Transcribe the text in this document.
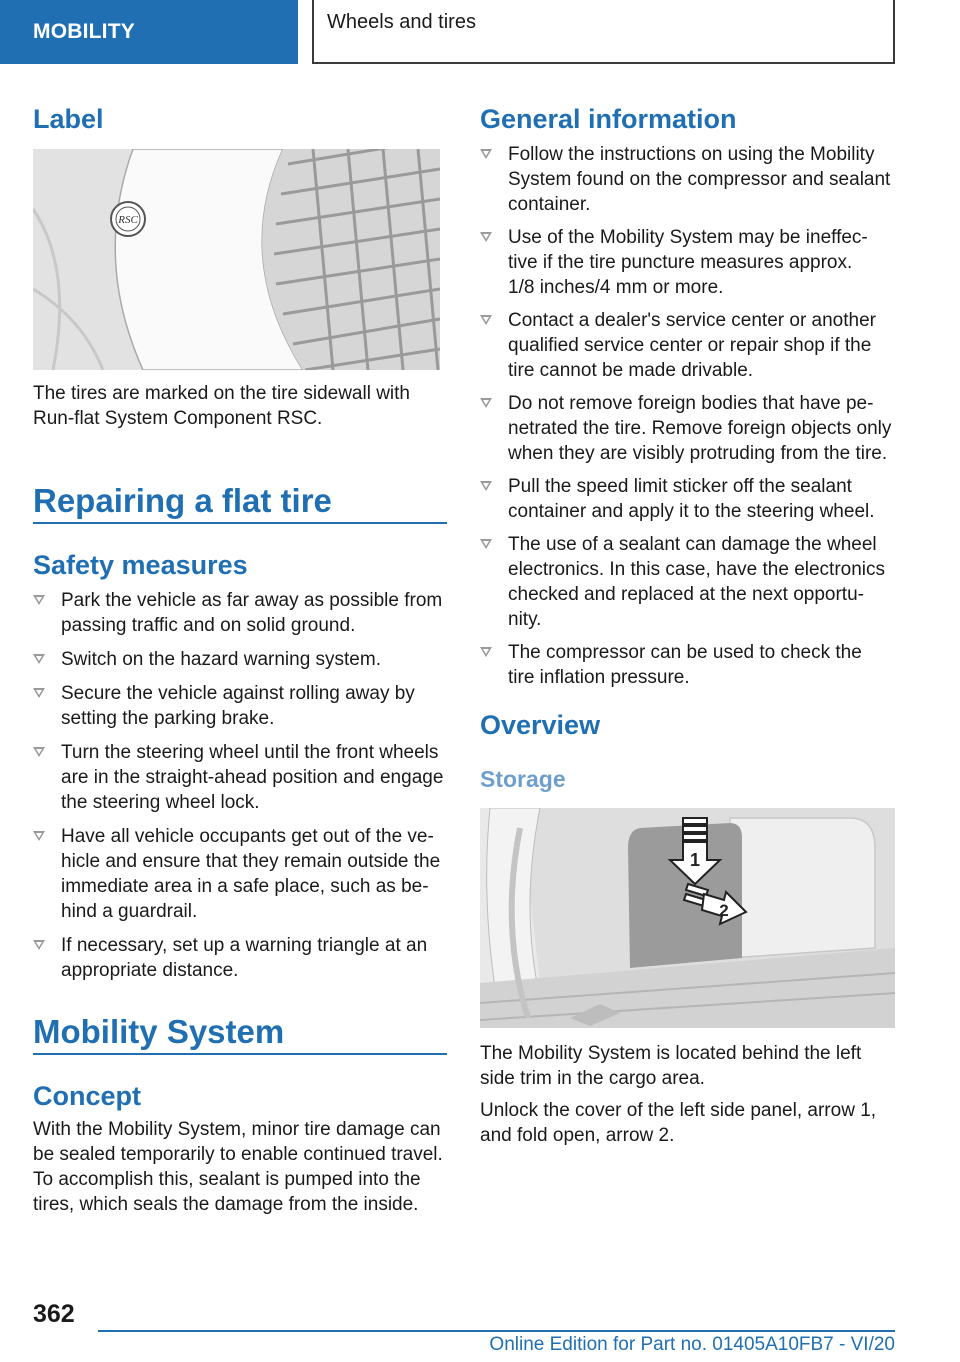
MOBILITY	Wheels and tires
Label
RSC
The tires are marked on the tire sidewall with
Run-flat System Component RSC.
Repairing a flat tire
Safety measures
Park the vehicle as far away as possible from
passing traffic and on solid ground.
Switch on the hazard warning system.
Secure the vehicle against rolling away by
setting the parking brake.
Turn the steering wheel until the front wheels
are in the straight-ahead position and engage
the steering wheel lock.
Have all vehicle occupants get out of the ve‐
hicle and ensure that they remain outside the
immediate area in a safe place, such as be‐
hind a guardrail.
If necessary, set up a warning triangle at an
appropriate distance.
Mobility System
Concept
With the Mobility System, minor tire damage can
be sealed temporarily to enable continued travel.
To accomplish this, sealant is pumped into the
tires, which seals the damage from the inside.
General information
Follow the instructions on using the Mobility
System found on the compressor and sealant
container.
Use of the Mobility System may be ineffec‐
tive if the tire puncture measures approx.
1/8 inches/4 mm or more.
Contact a dealer's service center or another
qualified service center or repair shop if the
tire cannot be made drivable.
Do not remove foreign bodies that have pe‐
netrated the tire. Remove foreign objects only
when they are visibly protruding from the tire.
Pull the speed limit sticker off the sealant
container and apply it to the steering wheel.
The use of a sealant can damage the wheel
electronics. In this case, have the electronics
checked and replaced at the next opportu‐
nity.
The compressor can be used to check the
tire inflation pressure.
Overview
Storage
1
2
The Mobility System is located behind the left
side trim in the cargo area.
Unlock the cover of the left side panel, arrow 1,
and fold open, arrow 2.
362
Online Edition for Part no. 01405A10FB7 - VI/20
